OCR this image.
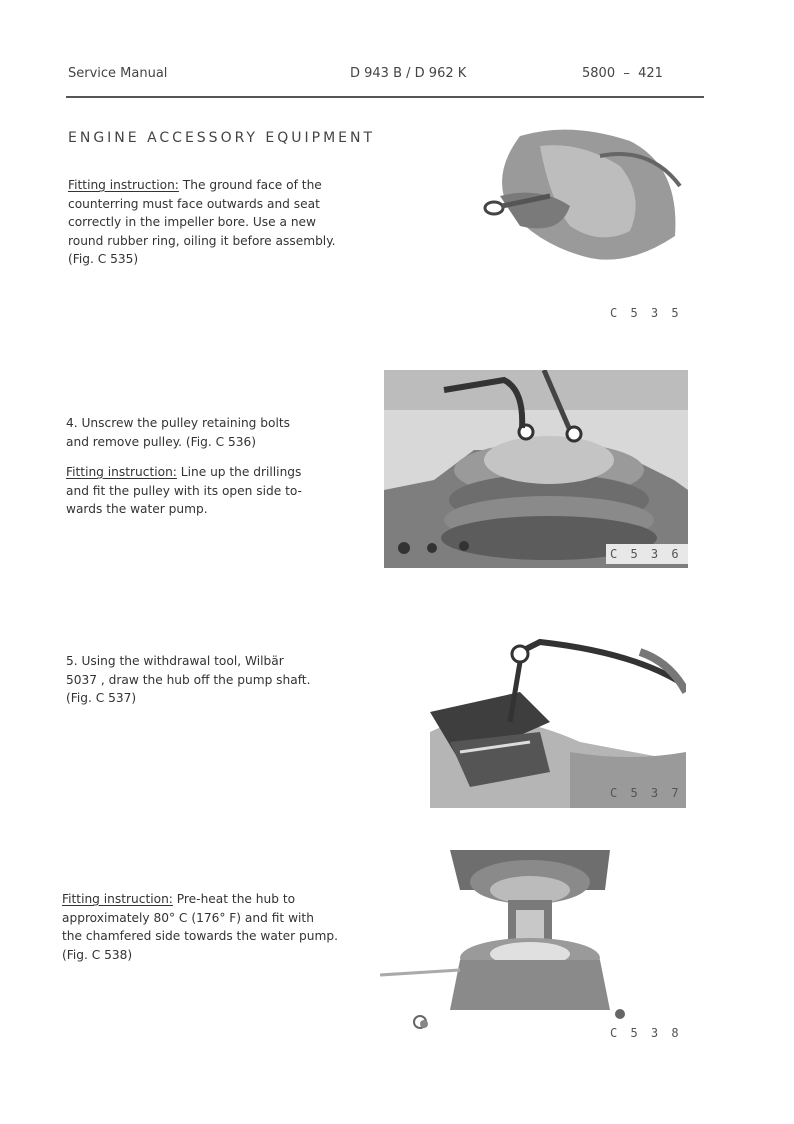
Service Manual	D 943 B / D 962 K	5800  –  421
ENGINE ACCESSORY EQUIPMENT

Fitting instruction: The ground face of the

counterring must face outwards and seat

correctly in the impeller bore. Use a new

round rubber ring, oiling it before assembly.

(Fig. C 535)

C 5 3 5

4. Unscrew the pulley retaining bolts

and remove pulley. (Fig. C 536)

Fitting instruction: Line up the drillings

and fit the pulley with its open side to-

wards the water pump.

C 5 3 6

5. Using the withdrawal tool, Wilbär

5037 , draw the hub off the pump shaft.

(Fig. C 537)

C 5 3 7

Fitting instruction: Pre-heat the hub to

approximately 80° C (176° F) and fit with

the chamfered side towards the water pump.

(Fig. C 538)

C 5 3 8
